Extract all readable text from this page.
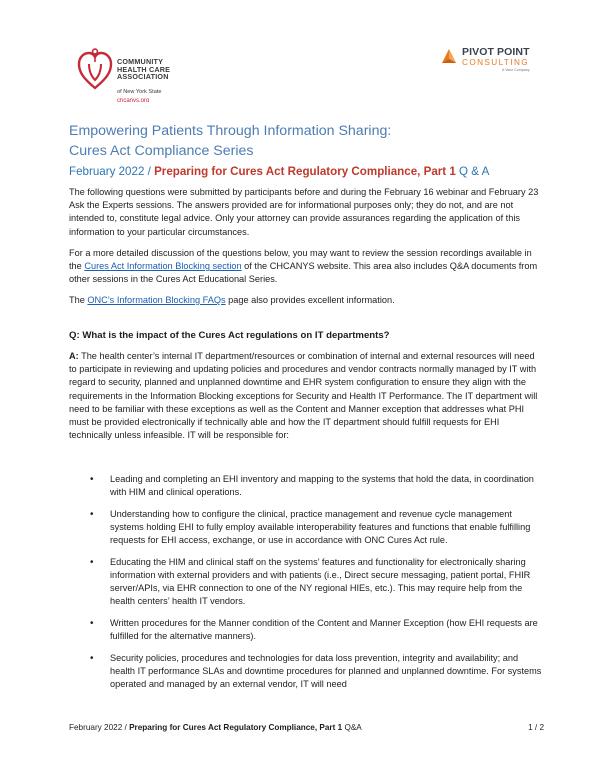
COMMUNITY
HEALTH CARE
ASSOCIATION
of New York State
chcanys.org
PIVOT POINT
CONSULTING
A Vaco Company
Empowering Patients Through Information Sharing:
Cures Act Compliance Series
February 2022 / Preparing for Cures Act Regulatory Compliance, Part 1 Q & A

The following questions were submitted by participants before and during the February 16 webinar and February 23 Ask the Experts sessions. The answers provided are for informational purposes only; they do not, and are not intended to, constitute legal advice. Only your attorney can provide assurances regarding the application of this information to your particular circumstances.

For a more detailed discussion of the questions below, you may want to review the session recordings available in the Cures Act Information Blocking section of the CHCANYS website. This area also includes Q&A documents from other sessions in the Cures Act Educational Series.

The ONC’s Information Blocking FAQs page also provides excellent information.

Q: What is the impact of the Cures Act regulations on IT departments?

A: The health center’s internal IT department/resources or combination of internal and external resources will need to participate in reviewing and updating policies and procedures and vendor contracts normally managed by IT with regard to security, planned and unplanned downtime and EHR system configuration to ensure they align with the requirements in the Information Blocking exceptions for Security and Health IT Performance. The IT department will need to be familiar with these exceptions as well as the Content and Manner exception that addresses what PHI must be provided electronically if technically able and how the IT department should fulfill requests for EHI technically unless infeasible. IT will be responsible for:

• Leading and completing an EHI inventory and mapping to the systems that hold the data, in coordination with HIM and clinical operations.
• Understanding how to configure the clinical, practice management and revenue cycle management systems holding EHI to fully employ available interoperability features and functions that enable fulfilling requests for EHI access, exchange, or use in accordance with ONC Cures Act rule.
• Educating the HIM and clinical staff on the systems’ features and functionality for electronically sharing information with external providers and with patients (i.e., Direct secure messaging, patient portal, FHIR server/APIs, via EHR connection to one of the NY regional HIEs, etc.). This may require help from the health centers’ health IT vendors.
• Written procedures for the Manner condition of the Content and Manner Exception (how EHI requests are fulfilled for the alternative manners).
• Security policies, procedures and technologies for data loss prevention, integrity and availability; and health IT performance SLAs and downtime procedures for planned and unplanned downtime. For systems operated and managed by an external vendor, IT will need
February 2022 / Preparing for Cures Act Regulatory Compliance, Part 1 Q&A	1 / 2
